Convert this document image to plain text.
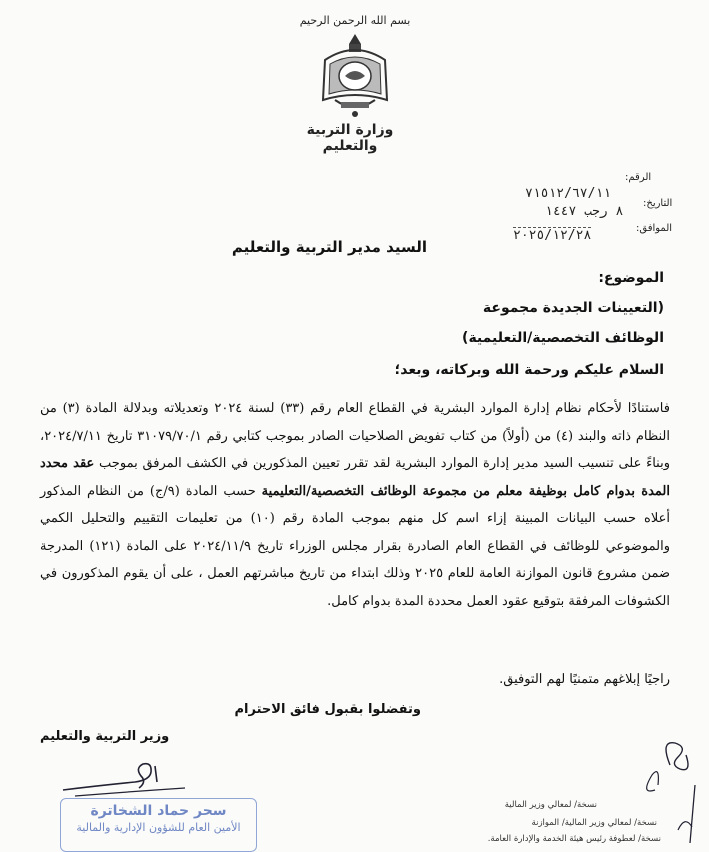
بسم الله الرحمن الرحيم
وزارة التربية والتعليم
الرقم:
٧١٥١٢/٦٧/١١
التاريخ:
٨ رجب ١٤٤٧
الموافق:
٢٠٢٥/١٢/٢٨
السيد مدير التربية والتعليم
الموضوع:
(التعيينات الجديدة مجموعة
الوظائف التخصصية/التعليمية)
السلام عليكم ورحمة الله وبركاته، وبعد؛
فاستنادًا لأحكام نظام إدارة الموارد البشرية في القطاع العام رقم (٣٣) لسنة ٢٠٢٤ وتعديلاته وبدلالة المادة (٣) من النظام ذاته والبند (٤) من (أولاً) من كتاب تفويض الصلاحيات الصادر بموجب كتابي رقم ٣١٠٧٩/٧٠/١ تاريخ ٢٠٢٤/٧/١١، وبناءً على تنسيب السيد مدير إدارة الموارد البشرية لقد تقرر تعيين المذكورين في الكشف المرفق بموجب عقد محدد المدة بدوام كامل بوظيفة معلم من مجموعة الوظائف التخصصية/التعليمية حسب المادة (٩/ج) من النظام المذكور أعلاه حسب البيانات المبينة إزاء اسم كل منهم بموجب المادة رقم (١٠) من تعليمات التقييم والتحليل الكمي والموضوعي للوظائف في القطاع العام الصادرة بقرار مجلس الوزراء تاريخ ٢٠٢٤/١١/٩ على المادة (١٢١) المدرجة ضمن مشروع قانون الموازنة العامة للعام ٢٠٢٥ وذلك ابتداء من تاريخ مباشرتهم العمل ، على أن يقوم المذكورون في الكشوفات المرفقة بتوقيع عقود العمل محددة المدة بدوام كامل.
راجيًا إبلاغهم متمنيًا لهم التوفيق.
وتفضلوا بقبول فائق الاحترام
وزير التربية والتعليم
سحر حماد الشخاترة
الأمين العام للشؤون الإدارية والمالية
نسخة/ لمعالي وزير المالية
نسخة/ لمعالي وزير المالية/ الموازنة
نسخة/ لعطوفة رئيس هيئة الخدمة والإدارة العامة.
